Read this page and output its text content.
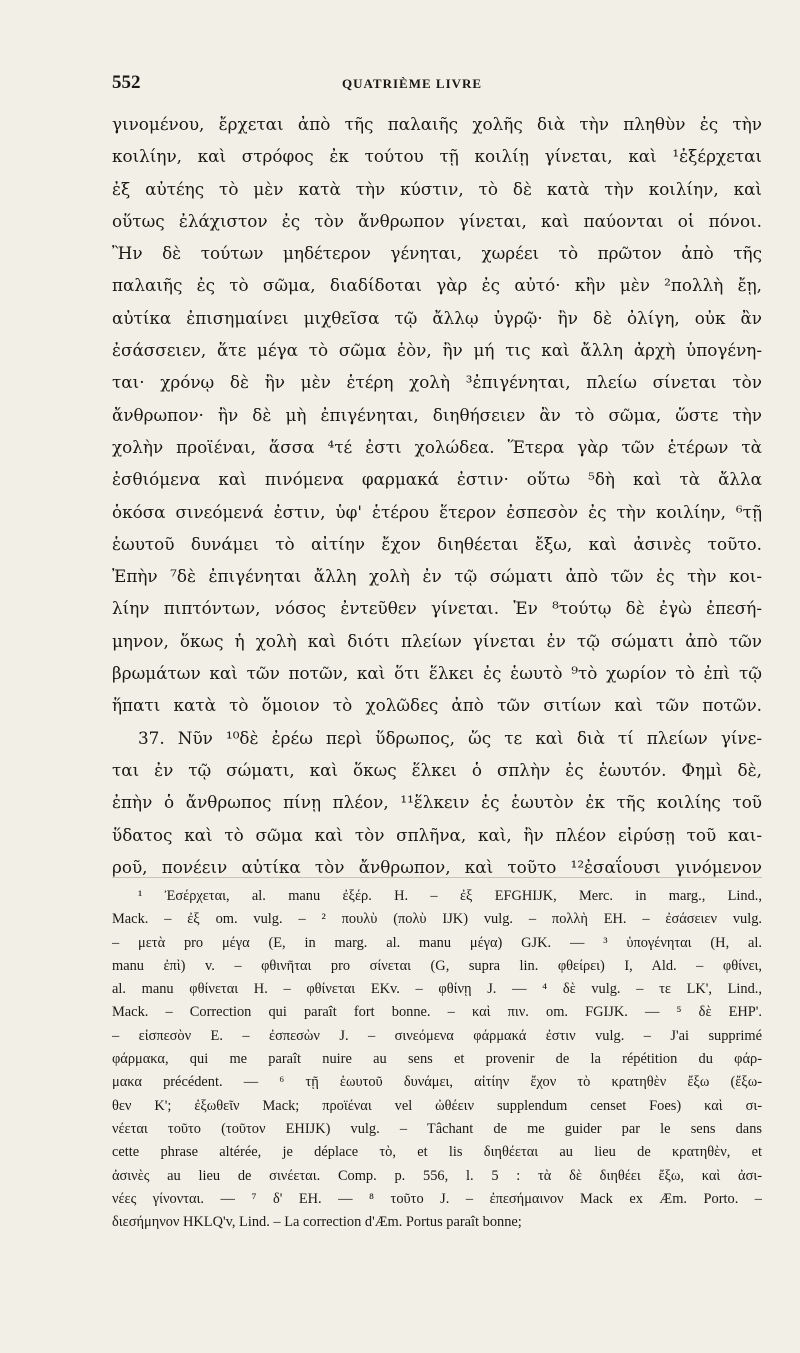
552	QUATRIÈME LIVRE
γινομένου, ἔρχεται ἀπὸ τῆς παλαιῆς χολῆς διὰ τὴν πληθὺν ἐς τὴν
κοιλίην, καὶ στρόφος ἐκ τούτου τῇ κοιλίῃ γίνεται, καὶ ¹ἐξέρχεται
ἐξ αὐτέης τὸ μὲν κατὰ τὴν κύστιν, τὸ δὲ κατὰ τὴν κοιλίην, καὶ
οὕτως ἐλάχιστον ἐς τὸν ἄνθρωπον γίνεται, καὶ παύονται οἱ πόνοι.
Ἢν δὲ τούτων μηδέτερον γένηται, χωρέει τὸ πρῶτον ἀπὸ τῆς
παλαιῆς ἐς τὸ σῶμα, διαδίδοται γὰρ ἐς αὐτό· κἢν μὲν ²πολλὴ ἔῃ,
αὐτίκα ἐπισημαίνει μιχθεῖσα τῷ ἄλλῳ ὑγρῷ· ἢν δὲ ὀλίγη, οὐκ ἂν
ἐσάσσειεν, ἅτε μέγα τὸ σῶμα ἐὸν, ἢν μή τις καὶ ἄλλη ἀρχὴ ὑπογένη-
ται· χρόνῳ δὲ ἢν μὲν ἑτέρη χολὴ ³ἐπιγένηται, πλείω σίνεται τὸν
ἄνθρωπον· ἢν δὲ μὴ ἐπιγένηται, διηθήσειεν ἂν τὸ σῶμα, ὥστε τὴν
χολὴν προϊέναι, ἅσσα ⁴τέ ἐστι χολώδεα. Ἕτερα γὰρ τῶν ἑτέρων τὰ
ἐσθιόμενα καὶ πινόμενα φαρμακά ἐστιν· οὕτω ⁵δὴ καὶ τὰ ἄλλα
ὁκόσα σινεόμενά ἐστιν, ὑφ' ἑτέρου ἕτερον ἐσπεσὸν ἐς τὴν κοιλίην, ⁶τῇ
ἑωυτοῦ δυνάμει τὸ αἰτίην ἔχον διηθέεται ἔξω, καὶ ἀσινὲς τοῦτο.
Ἐπὴν ⁷δὲ ἐπιγένηται ἄλλη χολὴ ἐν τῷ σώματι ἀπὸ τῶν ἐς τὴν κοι-
λίην πιπτόντων, νόσος ἐντεῦθεν γίνεται. Ἐν ⁸τούτῳ δὲ ἐγὼ ἐπεσή-
μηνον, ὅκως ἡ χολὴ καὶ διότι πλείων γίνεται ἐν τῷ σώματι ἀπὸ τῶν
βρωμάτων καὶ τῶν ποτῶν, καὶ ὅτι ἕλκει ἐς ἑωυτὸ ⁹τὸ χωρίον τὸ ἐπὶ τῷ
ἥπατι κατὰ τὸ ὅμοιον τὸ χολῶδες ἀπὸ τῶν σιτίων καὶ τῶν ποτῶν.
37. Νῦν ¹⁰δὲ ἐρέω περὶ ὕδρωπος, ὥς τε καὶ διὰ τί πλείων γίνε-
ται ἐν τῷ σώματι, καὶ ὅκως ἕλκει ὁ σπλὴν ἐς ἑωυτόν. Φημὶ δὲ,
ἐπὴν ὁ ἄνθρωπος πίνῃ πλέον, ¹¹ἕλκειν ἐς ἑωυτὸν ἐκ τῆς κοιλίης τοῦ
ὕδατος καὶ τὸ σῶμα καὶ τὸν σπλῆνα, καὶ, ἢν πλέον εἰρύσῃ τοῦ και-
ροῦ, πονέειν αὐτίκα τὸν ἄνθρωπον, καὶ τοῦτο ¹²ἐσαΐουσι γινόμενον
¹ Ἐσέρχεται, al. manu ἐξέρ. H. – ἐξ EFGHIJK, Merc. in marg., Lind.,
Mack. – ἐξ om. vulg. – ² πουλὺ (πολὺ IJK) vulg. – πολλὴ EH. – ἐσάσειεν vulg.
– μετὰ pro μέγα (E, in marg. al. manu μέγα) GJK. — ³ ὑπογένηται (H, al.
manu ἐπὶ) v. – φθινῆται pro σίνεται (G, supra lin. φθείρει) I, Ald. – φθίνει,
al. manu φθίνεται H. – φθίνεται EKv. – φθίνῃ J. — ⁴ δὲ vulg. – τε LK', Lind.,
Mack. – Correction qui paraît fort bonne. – καὶ πιν. om. FGIJK. — ⁵ δὲ EHP'.
– εἰσπεσὸν E. – ἐσπεσὼν J. – σινεόμενα φάρμακά ἐστιν vulg. – J'ai supprimé
φάρμακα, qui me paraît nuire au sens et provenir de la répétition du φάρ-
μακα précédent. — ⁶ τῇ ἑωυτοῦ δυνάμει, αἰτίην ἔχον τὸ κρατηθὲν ἔξω (ἔξω-
θεν K'; ἐξωθεῖν Mack; προϊέναι vel ὠθέειν supplendum censet Foes) καὶ σι-
νέεται τοῦτο (τοῦτον EHIJK) vulg. – Tâchant de me guider par le sens dans
cette phrase altérée, je déplace τὸ, et lis διηθέεται au lieu de κρατηθὲν, et
ἀσινὲς au lieu de σινέεται. Comp. p. 556, l. 5 : τὰ δὲ διηθέει ἔξω, καὶ ἀσι-
νέες γίνονται. — ⁷ δ' EH. — ⁸ τοῦτο J. – ἐπεσήμαινον Mack ex Æm. Porto. –
διεσήμηνον HKLQ'v, Lind. – La correction d'Æm. Portus paraît bonne;
